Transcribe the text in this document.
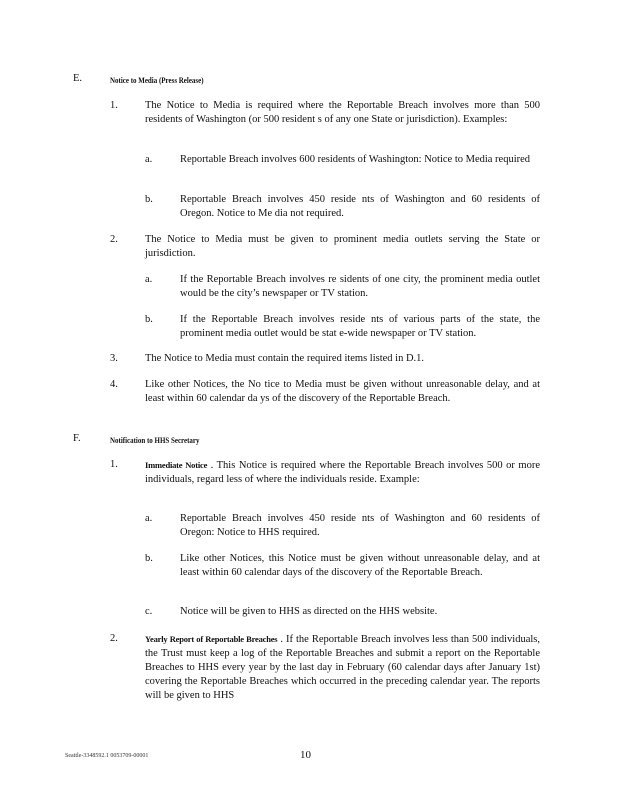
E.	Notice to Media (Press Release)
1.	The Notice to Media is required where the Reportable Breach involves more than 500 residents of Washington (or 500 resident s of any one State or jurisdiction). Examples:
a.	Reportable Breach involves 600 residents of Washington: Notice to Media required
b.	Reportable Breach involves 450 reside nts of Washington and 60 residents of Oregon. Notice to Me dia not required.
2.	The Notice to Media must be given to prominent media outlets serving the State or jurisdiction.
a.	If the Reportable Breach involves re sidents of one city, the prominent media outlet would be the city’s newspaper or TV station.
b.	If the Reportable Breach involves reside nts of various parts of the state, the prominent media outlet would be stat e-wide newspaper or TV station.
3.	The Notice to Media must contain the required items listed in D.1.
4.	Like other Notices, the No tice to Media must be given without unreasonable delay, and at least within 60 calendar da ys of the discovery of the Reportable Breach.
F.	Notification to HHS Secretary
1.	Immediate Notice . This Notice is required where the Reportable Breach involves 500 or more individuals, regard less of where the individuals reside. Example:
a.	Reportable Breach involves 450 reside nts of Washington and 60 residents of Oregon: Notice to HHS required.
b.	Like other Notices, this Notice must be given without unreasonable delay, and at least within 60 calendar days of the discovery of the Reportable Breach.
c.	Notice will be given to HHS as directed on the HHS website.
2.	Yearly Report of Reportable Breaches . If the Reportable Breach involves less than 500 individuals, the Trust must keep a log of the Reportable Breaches and submit a report on the Reportable Breaches to HHS every year by the last day in February (60 calendar days after January 1st) covering the Reportable Breaches which occurred in the preceding calendar year. The reports will be given to HHS
Seattle-3348592.1 0053709-00001	10
